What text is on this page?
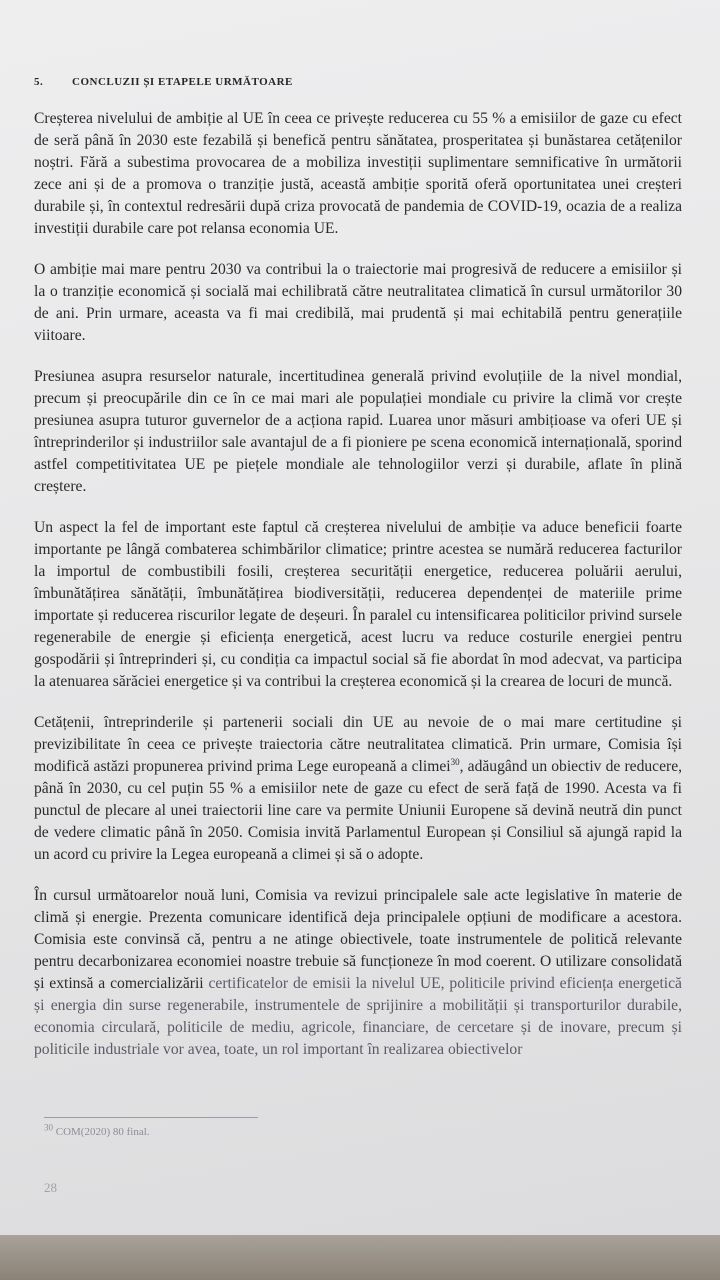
5.	CONCLUZII ȘI ETAPELE URMĂTOARE

Creșterea nivelului de ambiție al UE în ceea ce privește reducerea cu 55 % a emisiilor de gaze cu efect de seră până în 2030 este fezabilă și benefică pentru sănătatea, prosperitatea și bunăstarea cetățenilor noștri. Fără a subestima provocarea de a mobiliza investiții suplimentare semnificative în următorii zece ani și de a promova o tranziție justă, această ambiție sporită oferă oportunitatea unei creșteri durabile și, în contextul redresării după criza provocată de pandemia de COVID-19, ocazia de a realiza investiții durabile care pot relansa economia UE.

O ambiție mai mare pentru 2030 va contribui la o traiectorie mai progresivă de reducere a emisiilor și la o tranziție economică și socială mai echilibrată către neutralitatea climatică în cursul următorilor 30 de ani. Prin urmare, aceasta va fi mai credibilă, mai prudentă și mai echitabilă pentru generațiile viitoare.

Presiunea asupra resurselor naturale, incertitudinea generală privind evoluțiile de la nivel mondial, precum și preocupările din ce în ce mai mari ale populației mondiale cu privire la climă vor crește presiunea asupra tuturor guvernelor de a acționa rapid. Luarea unor măsuri ambițioase va oferi UE și întreprinderilor și industriilor sale avantajul de a fi pioniere pe scena economică internațională, sporind astfel competitivitatea UE pe piețele mondiale ale tehnologiilor verzi și durabile, aflate în plină creștere.

Un aspect la fel de important este faptul că creșterea nivelului de ambiție va aduce beneficii foarte importante pe lângă combaterea schimbărilor climatice; printre acestea se numără reducerea facturilor la importul de combustibili fosili, creșterea securității energetice, reducerea poluării aerului, îmbunătățirea sănătății, îmbunătățirea biodiversității, reducerea dependenței de materiile prime importate și reducerea riscurilor legate de deșeuri. În paralel cu intensificarea politicilor privind sursele regenerabile de energie și eficiența energetică, acest lucru va reduce costurile energiei pentru gospodării și întreprinderi și, cu condiția ca impactul social să fie abordat în mod adecvat, va participa la atenuarea sărăciei energetice și va contribui la creșterea economică și la crearea de locuri de muncă.

Cetățenii, întreprinderile și partenerii sociali din UE au nevoie de o mai mare certitudine și previzibilitate în ceea ce privește traiectoria către neutralitatea climatică. Prin urmare, Comisia își modifică astăzi propunerea privind prima Lege europeană a climei$^{30}$, adăugând un obiectiv de reducere, până în 2030, cu cel puțin 55 % a emisiilor nete de gaze cu efect de seră față de 1990. Acesta va fi punctul de plecare al unei traiectorii line care va permite Uniunii Europene să devină neutră din punct de vedere climatic până în 2050. Comisia invită Parlamentul European și Consiliul să ajungă rapid la un acord cu privire la Legea europeană a climei și să o adopte.

În cursul următoarelor nouă luni, Comisia va revizui principalele sale acte legislative în materie de climă și energie. Prezenta comunicare identifică deja principalele opțiuni de modificare a acestora. Comisia este convinsă că, pentru a ne atinge obiectivele, toate instrumentele de politică relevante pentru decarbonizarea economiei noastre trebuie să funcționeze în mod coerent. O utilizare consolidată și extinsă a comercializării certificatelor de emisii la nivelul UE, politicile privind eficiența energetică și energia din surse regenerabile, instrumentele de sprijinire a mobilității și transporturilor durabile, economia circulară, politicile de mediu, agricole, financiare, de cercetare și de inovare, precum și politicile industriale vor avea, toate, un rol important în realizarea obiectivelor

$^{30}$ COM(2020) 80 final.
28
